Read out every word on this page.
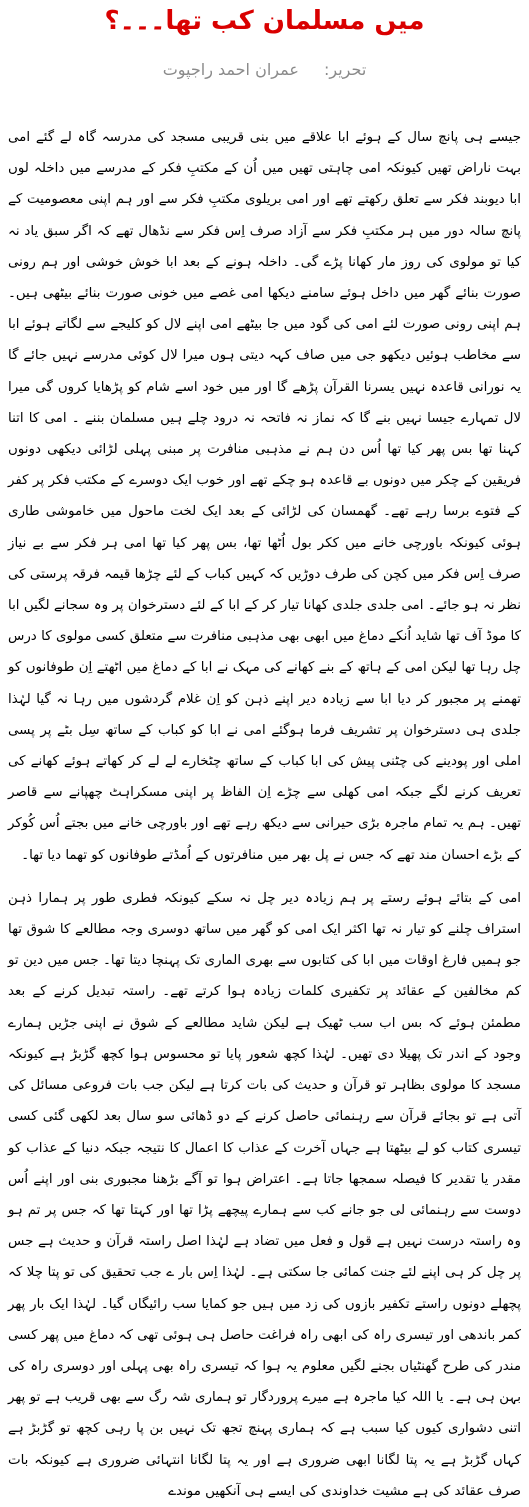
میں مسلمان کب تھا۔۔۔؟
تحریر: عمران احمد راجپوت

جیسے ہی پانچ سال کے ہوئے ابا علاقے میں بنی قریبی مسجد کی مدرسہ گاہ لے گئے امی بہت ناراض تھیں کیونکہ امی چاہتی تھیں میں اُن کے مکتبِ فکر کے مدرسے میں داخلہ لوں ابا دیوبند فکر سے تعلق رکھتے تھے اور امی بریلوی مکتبِ فکر سے اور ہم اپنی معصومیت کے پانچ سالہ دور میں ہر مکتبِ فکر سے آزاد صرف اِس فکر سے نڈھال تھے کہ اگر سبق یاد نہ کیا تو مولوی کی روز مار کھانا پڑے گی۔ داخلہ ہونے کے بعد ابا خوش خوشی اور ہم رونی صورت بنائے گھر میں داخل ہوئے سامنے دیکھا امی غصے میں خونی صورت بنائے بیٹھی ہیں۔ ہم اپنی رونی صورت لئے امی کی گود میں جا بیٹھے امی اپنے لال کو کلیجے سے لگاتے ہوئے ابا سے مخاطب ہوئیں دیکھو جی میں صاف کہہ دیتی ہوں میرا لال کوئی مدرسے نہیں جائے گا یہ نورانی قاعدہ نہیں یسرنا القرآن پڑھے گا اور میں خود اسے شام کو پڑھایا کروں گی میرا لال تمہارے جیسا نہیں بنے گا کہ نماز نہ فاتحہ نہ درود چلے ہیں مسلمان بننے ۔ امی کا اتنا کہنا تھا بس پھر کیا تھا اُس دن ہم نے مذہبی منافرت پر مبنی پہلی لڑائی دیکھی دونوں فریقین کے چکر میں دونوں بے قاعدہ ہو چکے تھے اور خوب ایک دوسرے کے مکتب فکر پر کفر کے فتوے برسا رہے تھے۔ گھمسان کی لڑائی کے بعد ایک لخت ماحول میں خاموشی طاری ہوئی کیونکہ باورچی خانے میں ککر بول اُٹھا تھا، بس پھر کیا تھا امی ہر فکر سے بے نیاز صرف اِس فکر میں کچن کی طرف دوڑیں کہ کہیں کباب کے لئے چڑھا قیمہ فرقہ پرستی کی نظر نہ ہو جائے۔ امی جلدی جلدی کھانا تیار کر کے ابا کے لئے دسترخوان پر وہ سجانے لگیں ابا کا موڈ آف تھا شاید اُنکے دماغ میں ابھی بھی مذہبی منافرت سے متعلق کسی مولوی کا درس چل رہا تھا لیکن امی کے ہاتھ کے بنے کھانے کی مہک نے ابا کے دماغ میں اٹھتے اِن طوفانوں کو تھمنے پر مجبور کر دیا ابا سے زیادہ دیر اپنے ذہن کو اِن غلام گردشوں میں رہا نہ گیا لہٰذا جلدی ہی دسترخوان پر تشریف فرما ہوگئے امی نے ابا کو کباب کے ساتھ سِل بٹے پر پسی املی اور پودینے کی چٹنی پیش کی ابا کباب کے ساتھ چٹخارے لے لے کر کھاتے ہوئے کھانے کی تعریف کرنے لگے جبکہ امی کھلی سے چڑے اِن الفاظ پر اپنی مسکراہٹ چھپانے سے قاصر تھیں۔ ہم یہ تمام ماجرہ بڑی حیرانی سے دیکھ رہے تھے اور باورچی خانے میں بجتے اُس کُوکر کے بڑے احسان مند تھے کہ جس نے پل بھر میں منافرتوں کے اُمڈتے طوفانوں کو تھما دیا تھا۔

امی کے بتائے ہوئے رستے پر ہم زیادہ دیر چل نہ سکے کیونکہ فطری طور پر ہمارا ذہن استراف چلنے کو تیار نہ تھا اکثر ایک امی کو گھر میں ساتھ دوسری وجہ مطالعے کا شوق تھا جو ہمیں فارغ اوقات میں ابا کی کتابوں سے بھری الماری تک پہنچا دیتا تھا۔ جس میں دین تو کم مخالفین کے عقائد پر تکفیری کلمات زیادہ ہوا کرتے تھے۔ راستہ تبدیل کرنے کے بعد مطمئن ہوئے کہ بس اب سب ٹھیک ہے لیکن شاید مطالعے کے شوق نے اپنی جڑیں ہمارے وجود کے اندر تک پھیلا دی تھیں۔ لہٰذا کچھ شعور پایا تو محسوس ہوا کچھ گڑبڑ ہے کیونکہ مسجد کا مولوی بظاہر تو قرآن و حدیث کی بات کرتا ہے لیکن جب بات فروعی مسائل کی آتی ہے تو بجائے قرآن سے رہنمائی حاصل کرنے کے دو ڈھائی سو سال بعد لکھی گئی کسی تیسری کتاب کو لے بیٹھتا ہے جہاں آخرت کے عذاب کا اعمال کا نتیجہ جبکہ دنیا کے عذاب کو مقدر یا تقدیر کا فیصلہ سمجھا جاتا ہے۔ اعتراض ہوا تو آگے بڑھنا مجبوری بنی اور اپنے اُس دوست سے رہنمائی لی جو جانے کب سے ہمارے پیچھے پڑا تھا اور کہتا تھا کہ جس پر تم ہو وہ راستہ درست نہیں ہے قول و فعل میں تضاد ہے لہٰذا اصل راستہ قرآن و حدیث ہے جس پر چل کر ہی اپنے لئے جنت کمائی جا سکتی ہے۔ لہٰذا اِس بار ے جب تحقیق کی تو پتا چلا کہ پچھلے دونوں راستے تکفیر بازوں کی زد میں ہیں جو کمایا سب رائیگاں گیا۔ لہٰذا ایک بار پھر کمر باندھی اور تیسری راہ کی ابھی راہ فراغت حاصل ہی ہوئی تھی کہ دماغ میں پھر کسی مندر کی طرح گھنٹیاں بجنے لگیں معلوم یہ ہوا کہ تیسری راہ بھی پہلی اور دوسری راہ کی بہن ہی ہے۔ یا اللہ کیا ماجرہ ہے میرے پروردگار تو ہماری شہ رگ سے بھی قریب ہے تو پھر اتنی دشواری کیوں کیا سبب ہے کہ ہماری پہنچ تجھ تک نہیں بن پا رہی کچھ تو گڑبڑ ہے کہاں گڑبڑ ہے یہ پتا لگانا ابھی ضروری ہے اور یہ پتا لگانا انتہائی ضروری ہے کیونکہ بات صرف عقائد کی ہے مشیت خداوندی کی ایسے ہی آنکھیں موندے
